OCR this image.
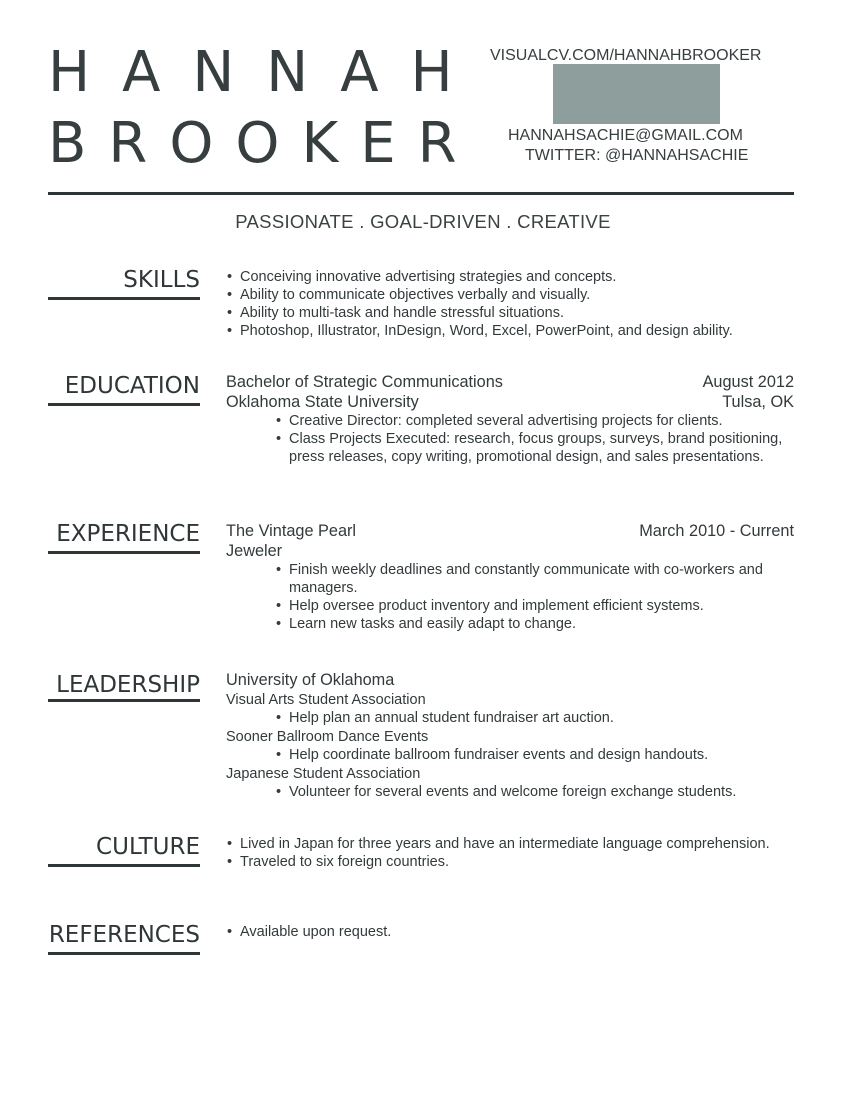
HANNAH
BROOKER
VISUALCV.COM/HANNAHBROOKER
HANNAHSACHIE@GMAIL.COM
TWITTER: @HANNAHSACHIE
PASSIONATE . GOAL-DRIVEN . CREATIVE
SKILLS	• Conceiving innovative advertising strategies and concepts.
• Ability to communicate objectives verbally and visually.
• Ability to multi-task and handle stressful situations.
• Photoshop, Illustrator, InDesign, Word, Excel, PowerPoint, and design ability.
EDUCATION Bachelor of Strategic Communications	August 2012
Oklahoma State University	Tulsa, OK
• Creative Director: completed several advertising projects for clients.
• Class Projects Executed: research, focus groups, surveys, brand positioning, press releases, copy writing, promotional design, and sales presentations.
EXPERIENCE The Vintage Pearl	March 2010 - Current
Jeweler
• Finish weekly deadlines and constantly communicate with co-workers and managers.
• Help oversee product inventory and implement efficient systems.
• Learn new tasks and easily adapt to change.
LEADERSHIP University of Oklahoma
Visual Arts Student Association
• Help plan an annual student fundraiser art auction.
Sooner Ballroom Dance Events
• Help coordinate ballroom fundraiser events and design handouts.
Japanese Student Association
• Volunteer for several events and welcome foreign exchange students.
CULTURE	• Lived in Japan for three years and have an intermediate language comprehension.
• Traveled to six foreign countries.
REFERENCES	• Available upon request.
